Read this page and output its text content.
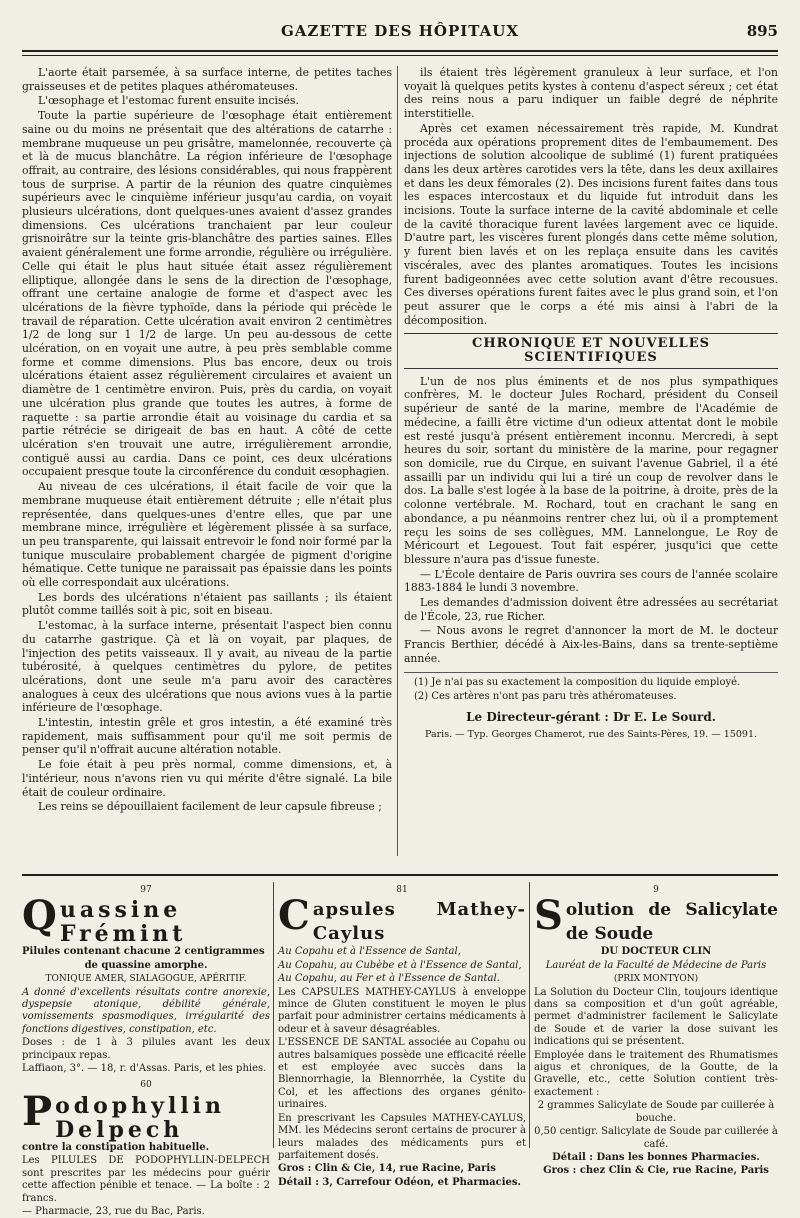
GAZETTE DES HÔPITAUX	895

L'aorte était parsemée, à sa surface interne, de petites taches graisseuses et de petites plaques athéromateuses.

L'œsophage et l'estomac furent ensuite incisés.

Toute la partie supérieure de l'œsophage était entièrement saine ou du moins ne présentait que des altérations de catarrhe : membrane muqueuse un peu grisâtre, mamelonnée, recouverte çà et là de mucus blanchâtre. La région inférieure de l'œsophage offrait, au contraire, des lésions considérables, qui nous frappèrent tous de surprise. A partir de la réunion des quatre cinquièmes supérieurs avec le cinquième inférieur jusqu'au cardia, on voyait plusieurs ulcérations, dont quelques-unes avaient d'assez grandes dimensions. Ces ulcérations tranchaient par leur couleur grisnoirâtre sur la teinte gris-blanchâtre des parties saines. Elles avaient généralement une forme arrondie, régulière ou irrégulière. Celle qui était le plus haut située était assez régulièrement elliptique, allongée dans le sens de la direction de l'œsophage, offrant une certaine analogie de forme et d'aspect avec les ulcérations de la fièvre typhoïde, dans la période qui précède le travail de réparation. Cette ulcération avait environ 2 centimètres 1/2 de long sur 1 1/2 de large. Un peu au-dessous de cette ulcération, on en voyait une autre, à peu près semblable comme forme et comme dimensions. Plus bas encore, deux ou trois ulcérations étaient assez régulièrement circulaires et avaient un diamètre de 1 centimètre environ. Puis, près du cardia, on voyait une ulcération plus grande que toutes les autres, à forme de raquette : sa partie arrondie était au voisinage du cardia et sa partie rétrécie se dirigeait de bas en haut. A côté de cette ulcération s'en trouvait une autre, irrégulièrement arrondie, contiguë aussi au cardia. Dans ce point, ces deux ulcérations occupaient presque toute la circonférence du conduit œsophagien.

Au niveau de ces ulcérations, il était facile de voir que la membrane muqueuse était entièrement détruite ; elle n'était plus représentée, dans quelques-unes d'entre elles, que par une membrane mince, irrégulière et légèrement plissée à sa surface, un peu transparente, qui laissait entrevoir le fond noir formé par la tunique musculaire probablement chargée de pigment d'origine hématique. Cette tunique ne paraissait pas épaissie dans les points où elle correspondait aux ulcérations.

Les bords des ulcérations n'étaient pas saillants ; ils étaient plutôt comme taillés soit à pic, soit en biseau.

L'estomac, à la surface interne, présentait l'aspect bien connu du catarrhe gastrique. Çà et là on voyait, par plaques, de l'injection des petits vaisseaux. Il y avait, au niveau de la partie tubérosité, à quelques centimètres du pylore, de petites ulcérations, dont une seule m'a paru avoir des caractères analogues à ceux des ulcérations que nous avions vues à la partie inférieure de l'œsophage.

L'intestin, intestin grêle et gros intestin, a été examiné très rapidement, mais suffisamment pour qu'il me soit permis de penser qu'il n'offrait aucune altération notable.

Le foie était à peu près normal, comme dimensions, et, à l'intérieur, nous n'avons rien vu qui mérite d'être signalé. La bile était de couleur ordinaire.

Les reins se dépouillaient facilement de leur capsule fibreuse ;

ils étaient très légèrement granuleux à leur surface, et l'on voyait là quelques petits kystes à contenu d'aspect séreux ; cet état des reins nous a paru indiquer un faible degré de néphrite interstitielle.

Après cet examen nécessairement très rapide, M. Kundrat procéda aux opérations proprement dites de l'embaumement. Des injections de solution alcoolique de sublimé (1) furent pratiquées dans les deux artères carotides vers la tête, dans les deux axillaires et dans les deux fémorales (2). Des incisions furent faites dans tous les espaces intercostaux et du liquide fut introduit dans les incisions. Toute la surface interne de la cavité abdominale et celle de la cavité thoracique furent lavées largement avec ce liquide. D'autre part, les viscères furent plongés dans cette même solution, y furent bien lavés et on les replaça ensuite dans les cavités viscérales, avec des plantes aromatiques. Toutes les incisions furent badigeonnées avec cette solution avant d'être recousues. Ces diverses opérations furent faites avec le plus grand soin, et l'on peut assurer que le corps a été mis ainsi à l'abri de la décomposition.

CHRONIQUE ET NOUVELLES SCIENTIFIQUES

L'un de nos plus éminents et de nos plus sympathiques confrères, M. le docteur Jules Rochard, président du Conseil supérieur de santé de la marine, membre de l'Académie de médecine, a failli être victime d'un odieux attentat dont le mobile est resté jusqu'à présent entièrement inconnu. Mercredi, à sept heures du soir, sortant du ministère de la marine, pour regagner son domicile, rue du Cirque, en suivant l'avenue Gabriel, il a été assailli par un individu qui lui a tiré un coup de revolver dans le dos. La balle s'est logée à la base de la poitrine, à droite, près de la colonne vertébrale. M. Rochard, tout en crachant le sang en abondance, a pu néanmoins rentrer chez lui, où il a promptement reçu les soins de ses collègues, MM. Lannelongue, Le Roy de Méricourt et Legouest. Tout fait espérer, jusqu'ici que cette blessure n'aura pas d'issue funeste.

— L'École dentaire de Paris ouvrira ses cours de l'année scolaire 1883-1884 le lundi 3 novembre.

Les demandes d'admission doivent être adressées au secrétariat de l'École, 23, rue Richer.

— Nous avons le regret d'annoncer la mort de M. le docteur Francis Berthier, décédé à Aix-les-Bains, dans sa trente-septième année.

(1) Je n'ai pas su exactement la composition du liquide employé.

(2) Ces artères n'ont pas paru très athéromateuses.

Le Directeur-gérant : Dr E. Le Sourd.
Paris. — Typ. Georges Chamerot, rue des Saints-Pères, 19. — 15091.
97
Quassine Frémint

Pilules contenant chacune 2 centigrammes

de quassine amorphe.

TONIQUE AMER, SIALAGOGUE, APÉRITIF.

A donné d'excellents résultats contre anorexie, dyspepsie atonique, débilité générale, vomissements spasmodiques, irrégularité des fonctions digestives, constipation, etc.

Doses : de 1 à 3 pilules avant les deux principaux repas.

Laffiaon, 3°. — 18, r. d'Assas. Paris, et les phies.

60
Podophyllin Delpech

contre la constipation habituelle.

Les PILULES DE PODOPHYLLIN-DELPECH sont prescrites par les médecins pour guérir cette affection pénible et tenace. — La boîte : 2 francs.

— Pharmacie, 23, rue du Bac, Paris.

81
Capsules Mathey-Caylus

Au Copahu et à l'Essence de Santal,

Au Copahu, au Cubèbe et à l'Essence de Santal,

Au Copahu, au Fer et à l'Essence de Santal.

Les CAPSULES MATHEY-CAYLUS à enveloppe mince de Gluten constituent le moyen le plus parfait pour administrer certains médicaments à odeur et à saveur désagréables.

L'ESSENCE DE SANTAL associée au Copahu ou autres balsamiques possède une efficacité réelle et est employée avec succès dans la Blennorrhagie, la Blennorrhée, la Cystite du Col, et les affections des organes génito-urinaires.

En prescrivant les Capsules MATHEY-CAYLUS, MM. les Médecins seront certains de procurer à leurs malades des médicaments purs et parfaitement dosés.

Gros : Clin & Cie, 14, rue Racine, Paris

Détail : 3, Carrefour Odéon, et Pharmacies.

9
Solution de Salicylate de Soude

DU DOCTEUR CLIN

Lauréat de la Faculté de Médecine de Paris

(PRIX MONTYON)

La Solution du Docteur Clin, toujours identique dans sa composition et d'un goût agréable, permet d'administrer facilement le Salicylate de Soude et de varier la dose suivant les indications qui se présentent.

Employée dans le traitement des Rhumatismes aigus et chroniques, de la Goutte, de la Gravelle, etc., cette Solution contient très-exactement :

2 grammes Salicylate de Soude par cuillerée à bouche.

0,50 centigr. Salicylate de Soude par cuillerée à café.

Détail : Dans les bonnes Pharmacies.

Gros : chez Clin & Cie, rue Racine, Paris
